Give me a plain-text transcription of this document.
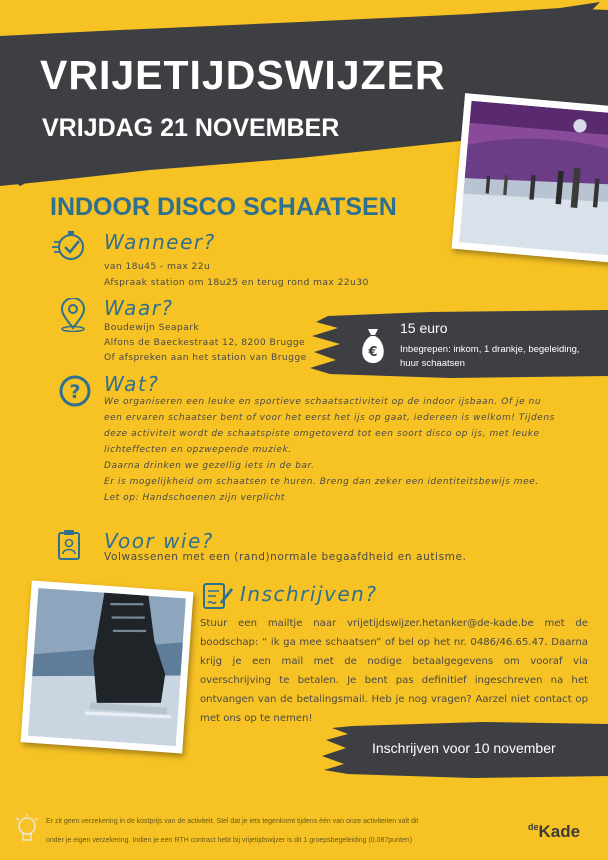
VRIJETIJDSWIJZER
VRIJDAG 21 NOVEMBER
INDOOR DISCO SCHAATSEN
Wanneer?
van 18u45 - max 22u
Afspraak station om 18u25 en terug rond max 22u30
Waar?
Boudewijn Seapark
Alfons de Baeckestraat 12, 8200 Brugge
Of afspreken aan het station van Brugge	€
15 euro
Inbegrepen: inkom, 1 drankje, begeleiding, huur schaatsen
? Wat?
We organiseren een leuke en sportieve schaatsactiviteit op de indoor ijsbaan. Of je nu
een ervaren schaatser bent of voor het eerst het ijs op gaat, iedereen is welkom! Tijdens
deze activiteit wordt de schaatspiste omgetoverd tot een soort disco op ijs, met leuke
lichteffecten en opzwepende muziek.
Daarna drinken we gezellig iets in de bar.
Er is mogelijkheid om schaatsen te huren. Breng dan zeker een identiteitsbewijs mee.
Let op: Handschoenen zijn verplicht
Voor wie?
Volwassenen met een (rand)normale begaafdheid en autisme.
Inschrijven?
Stuur een mailtje naar vrijetijdswijzer.hetanker@de-kade.be met de boodschap: “ ik ga mee schaatsen” of bel op het nr. 0486/46.65.47. Daarna krijg je een mail met de nodige betaalgegevens om vooraf via overschrijving te betalen. Je bent pas definitief ingeschreven na het ontvangen van de betalingsmail. Heb je nog vragen? Aarzel niet contact op met ons op te nemen!
Inschrijven voor 10 november
Er zit geen verzekering in de kostprijs van de activiteit. Stel dat je iets tegenkomt tijdens één van onze activiteiten valt dit
onder je eigen verzekering. Indien je een RTH contract hebt bij vrijetijdswijzer is dit 1 groepsbegeleiding (0.087punten)
$^{de}$Kade
